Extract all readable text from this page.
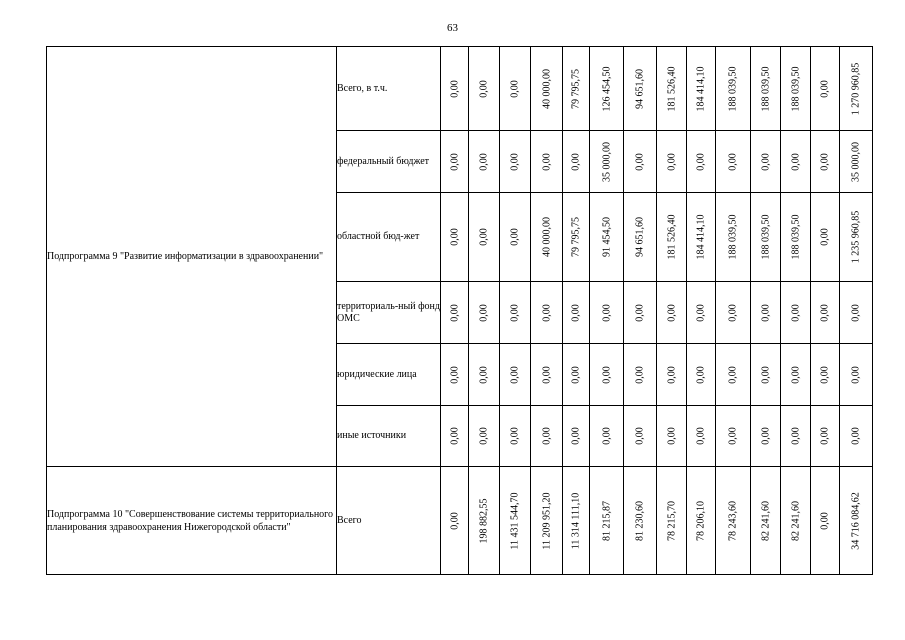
63
Подпрограмма 9 "Развитие информатизации в здравоохранении"	Всего, в т.ч.	0,00	0,00	0,00	40 000,00	79 795,75	126 454,50	94 651,60	181 526,40	184 414,10	188 039,50	188 039,50	188 039,50	0,00	1 270 960,85

	федеральный бюджет	0,00	0,00	0,00	0,00	0,00	35 000,00	0,00	0,00	0,00	0,00	0,00	0,00	0,00	35 000,00

	областной бюд-жет	0,00	0,00	0,00	40 000,00	79 795,75	91 454,50	94 651,60	181 526,40	184 414,10	188 039,50	188 039,50	188 039,50	0,00	1 235 960,85

	территориаль-ный фонд ОМС	0,00	0,00	0,00	0,00	0,00	0,00	0,00	0,00	0,00	0,00	0,00	0,00	0,00	0,00

	юридические лица	0,00	0,00	0,00	0,00	0,00	0,00	0,00	0,00	0,00	0,00	0,00	0,00	0,00	0,00

	иные источники	0,00	0,00	0,00	0,00	0,00	0,00	0,00	0,00	0,00	0,00	0,00	0,00	0,00	0,00

Подпрограмма 10 "Совершенствование системы территориального планирования здравоохранения Нижегородской области"	Всего	0,00	198 882,55	11 431 544,70	11 209 951,20	11 314 111,10	81 215,87	81 230,60	78 215,70	78 206,10	78 243,60	82 241,60	82 241,60	0,00	34 716 084,62
